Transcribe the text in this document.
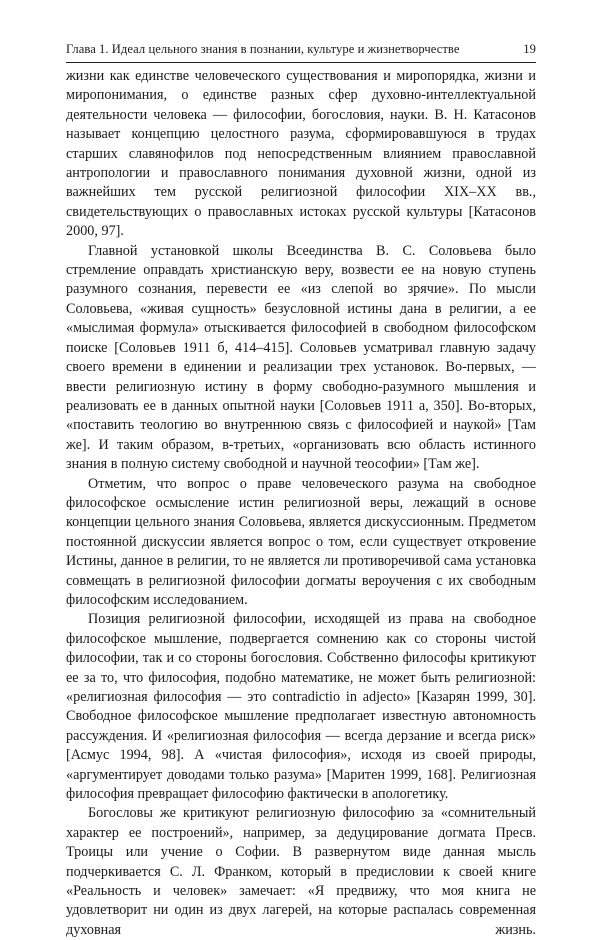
Глава 1. Идеал цельного знания в познании, культуре и жизнетворчестве	19

жизни как единстве человеческого существования и миропорядка, жизни и миропонимания, о единстве разных сфер духовно-интеллектуальной деятельности человека — философии, богословия, науки. В. Н. Катасонов называет концепцию целостного разума, сформировавшуюся в трудах старших славянофилов под непосредственным влиянием православной антропологии и православного понимания духовной жизни, одной из важнейших тем русской религиозной философии XIX–XX вв., свидетельствующих о православных истоках русской культуры [Катасонов 2000, 97].

Главной установкой школы Всеединства В. С. Соловьева было стремление оправдать христианскую веру, возвести ее на новую ступень разумного сознания, перевести ее «из слепой во зрячие». По мысли Соловьева, «живая сущность» безусловной истины дана в религии, а ее «мыслимая формула» отыскивается философией в свободном философском поиске [Соловьев 1911 б, 414–415]. Соловьев усматривал главную задачу своего времени в единении и реализации трех установок. Во-первых, — ввести религиозную истину в форму свободно-разумного мышления и реализовать ее в данных опытной науки [Соловьев 1911 а, 350]. Во-вторых, «поставить теологию во внутреннюю связь с философией и наукой» [Там же]. И таким образом, в-третьих, «организовать всю область истинного знания в полную систему свободной и научной теософии» [Там же].

Отметим, что вопрос о праве человеческого разума на свободное философское осмысление истин религиозной веры, лежащий в основе концепции цельного знания Соловьева, является дискуссионным. Предметом постоянной дискуссии является вопрос о том, если существует откровение Истины, данное в религии, то не является ли противоречивой сама установка совмещать в религиозной философии догматы вероучения с их свободным философским исследованием.

Позиция религиозной философии, исходящей из права на свободное философское мышление, подвергается сомнению как со стороны чистой философии, так и со стороны богословия. Собственно философы критикуют ее за то, что философия, подобно математике, не может быть религиозной: «религиозная философия — это contradictio in adjecto» [Казарян 1999, 30]. Свободное философское мышление предполагает известную автономность рассуждения. И «религиозная философия — всегда дерзание и всегда риск» [Асмус 1994, 98]. А «чистая философия», исходя из своей природы, «аргументирует доводами только разума» [Маритен 1999, 168]. Религиозная философия превращает философию фактически в апологетику.

Богословы же критикуют религиозную философию за «сомнительный характер ее построений», например, за дедуцирование догмата Пресв. Троицы или учение о Софии. В развернутом виде данная мысль подчеркивается С. Л. Франком, который в предисловии к своей книге «Реальность и человек» замечает: «Я предвижу, что моя книга не удовлетворит ни один из двух лагерей, на которые распалась современная духовная жизнь.
